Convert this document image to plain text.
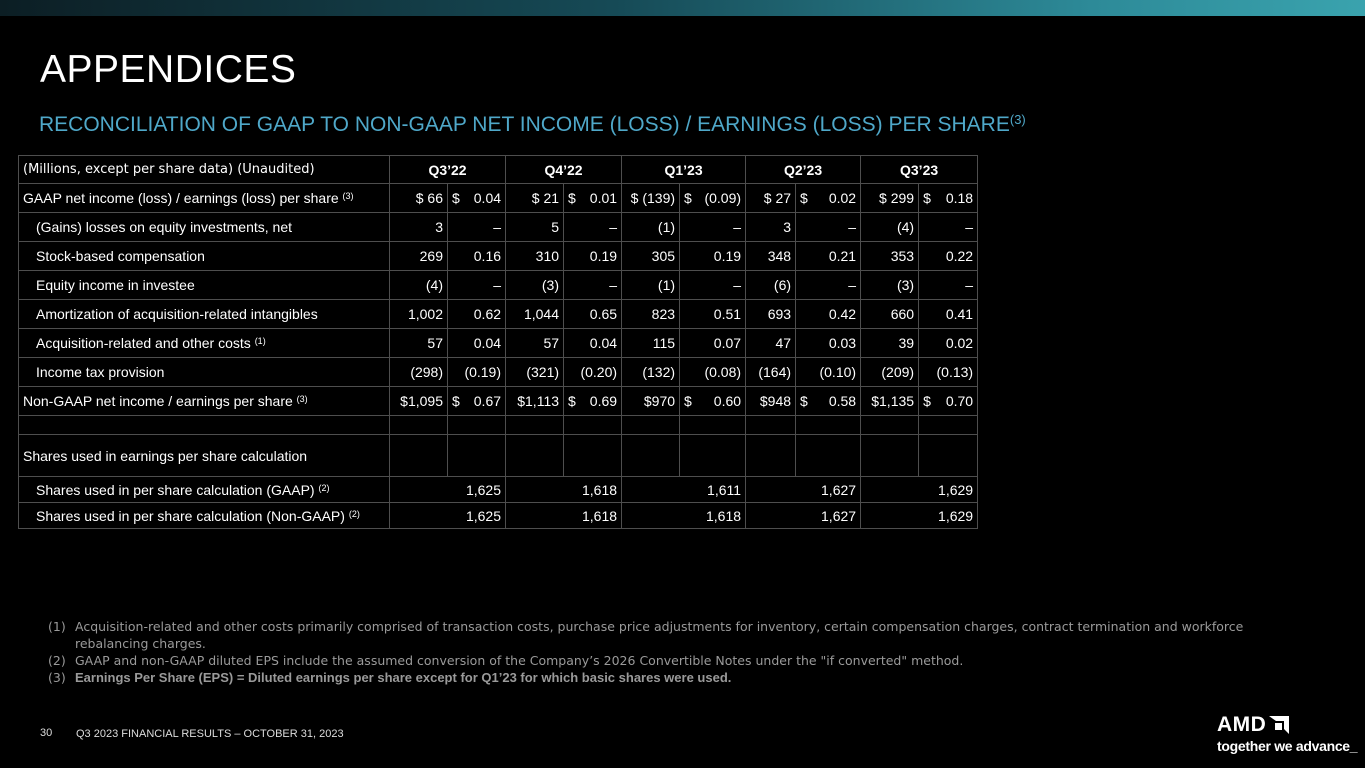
APPENDICES
RECONCILIATION OF GAAP TO NON-GAAP NET INCOME (LOSS) / EARNINGS (LOSS) PER SHARE$^{(3)}$
(Millions, except per share data) (Unaudited)	Q3’22		Q4’22		Q1’23		Q2’23		Q3’23	
GAAP net income (loss) / earnings (loss) per share $^{(3)}$	$ 66	$ 0.04	$ 21	$ 0.01	$ (139)	$ (0.09)	$ 27	$ 0.02	$ 299	$ 0.18

(Gains) losses on equity investments, net	3	–	5	–	(1)	–	3	–	(4)	–
Stock-based compensation	269	0.16	310	0.19	305	0.19	348	0.21	353	0.22
Equity income in investee	(4)	–	(3)	–	(1)	–	(6)	–	(3)	–
Amortization of acquisition-related intangibles	1,002	0.62	1,044	0.65	823	0.51	693	0.42	660	0.41
Acquisition-related and other costs $^{(1)}$	57	0.04	57	0.04	115	0.07	47	0.03	39	0.02
Income tax provision	(298)	(0.19)	(321)	(0.20)	(132)	(0.08)	(164)	(0.10)	(209)	(0.13)
Non-GAAP net income / earnings per share $^{(3)}$	$1,095	$ 0.67	$1,113	$ 0.69	$970	$ 0.60	$948	$ 0.58	$1,135	$ 0.70

Shares used in earnings per share calculation										
Shares used in per share calculation (GAAP) $^{(2)}$	1,625		1,618		1,611		1,627		1,629	
Shares used in per share calculation (Non-GAAP) $^{(2)}$	1,625		1,618		1,618		1,627		1,629	
(1) Acquisition-related and other costs primarily comprised of transaction costs, purchase price adjustments for inventory, certain compensation charges, contract termination and workforce rebalancing charges.
(2) GAAP and non-GAAP diluted EPS include the assumed conversion of the Company’s 2026 Convertible Notes under the "if converted" method.
(3) Earnings Per Share (EPS) = Diluted earnings per share except for Q1’23 for which basic shares were used.
30 Q3 2023 FINANCIAL RESULTS – OCTOBER 31, 2023	AMD
together we advance_
